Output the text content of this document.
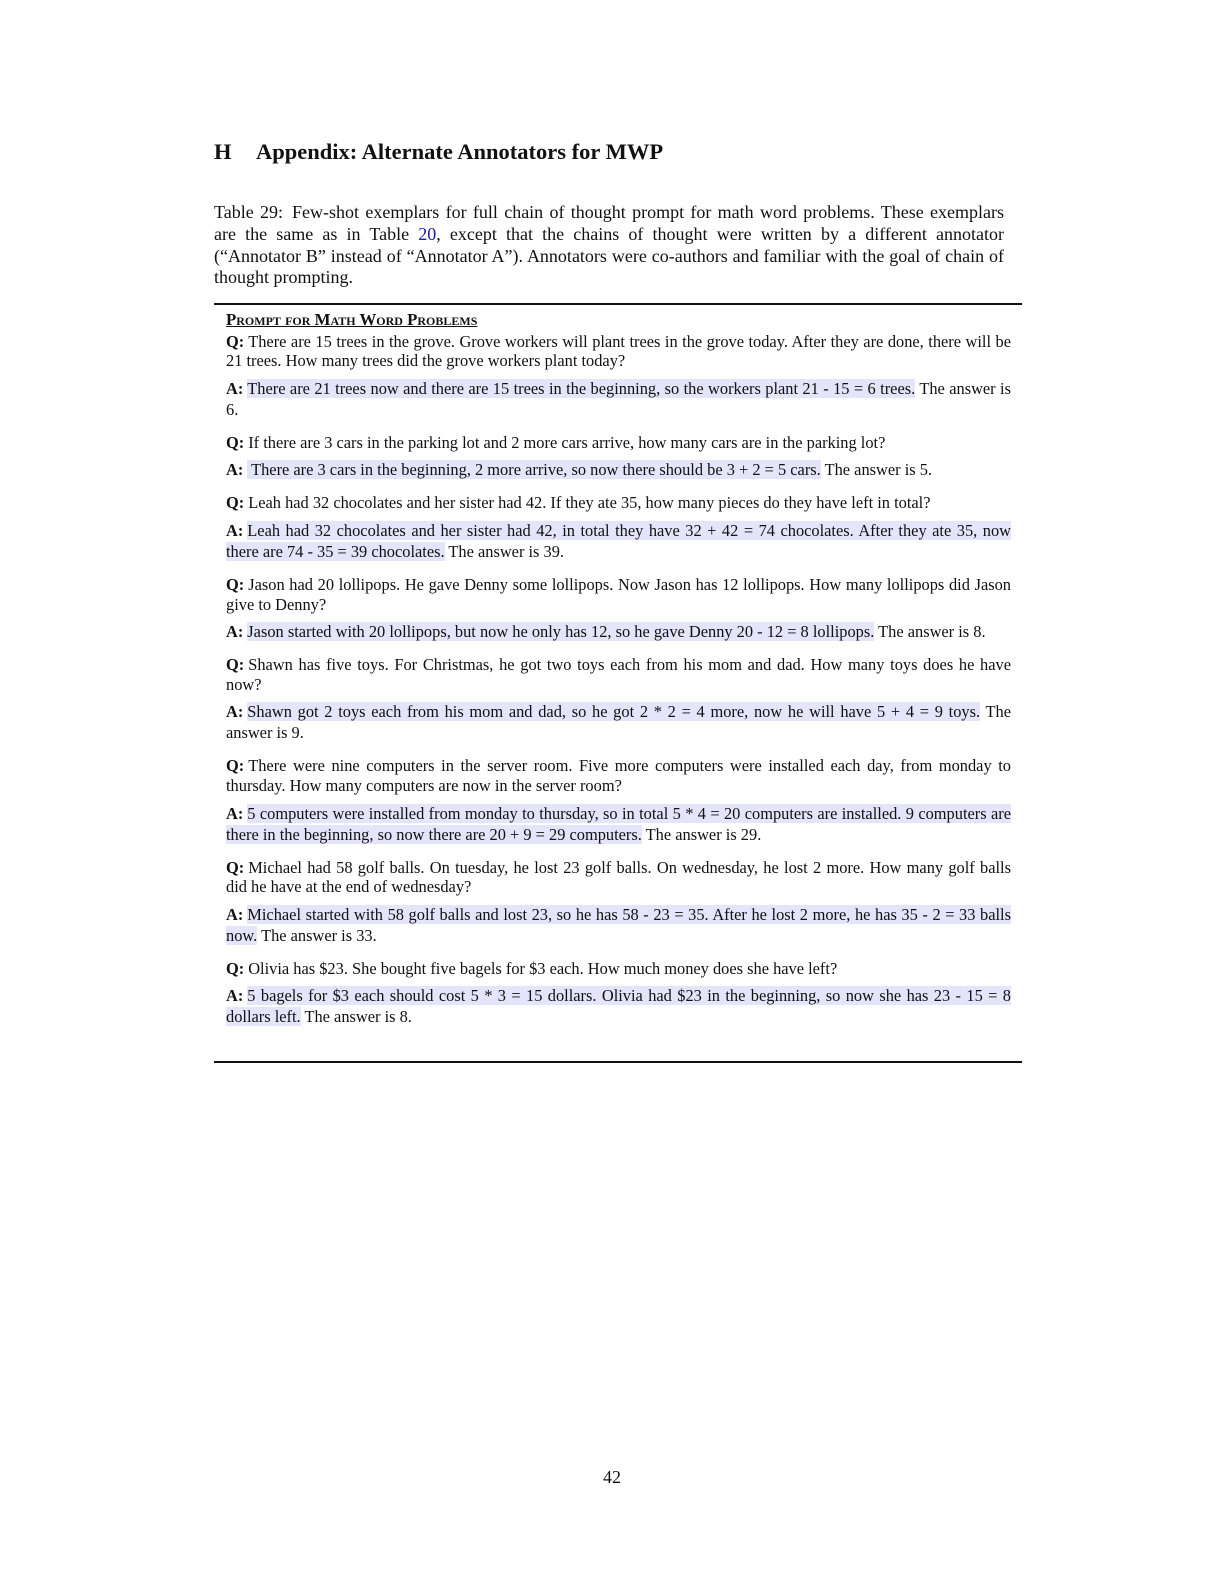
H Appendix: Alternate Annotators for MWP
Table 29: Few-shot exemplars for full chain of thought prompt for math word problems. These exemplars are the same as in Table 20, except that the chains of thought were written by a different annotator (“Annotator B” instead of “Annotator A”). Annotators were co-authors and familiar with the goal of chain of thought prompting.
Prompt for Math Word Problems

Q: There are 15 trees in the grove. Grove workers will plant trees in the grove today. After they are done, there will be 21 trees. How many trees did the grove workers plant today?

A: There are 21 trees now and there are 15 trees in the beginning, so the workers plant 21 - 15 = 6 trees. The answer is 6.

Q: If there are 3 cars in the parking lot and 2 more cars arrive, how many cars are in the parking lot?

A: There are 3 cars in the beginning, 2 more arrive, so now there should be 3 + 2 = 5 cars. The answer is 5.

Q: Leah had 32 chocolates and her sister had 42. If they ate 35, how many pieces do they have left in total?

A: Leah had 32 chocolates and her sister had 42, in total they have 32 + 42 = 74 chocolates. After they ate 35, now there are 74 - 35 = 39 chocolates. The answer is 39.

Q: Jason had 20 lollipops. He gave Denny some lollipops. Now Jason has 12 lollipops. How many lollipops did Jason give to Denny?

A: Jason started with 20 lollipops, but now he only has 12, so he gave Denny 20 - 12 = 8 lollipops. The answer is 8.

Q: Shawn has five toys. For Christmas, he got two toys each from his mom and dad. How many toys does he have now?

A: Shawn got 2 toys each from his mom and dad, so he got 2 * 2 = 4 more, now he will have 5 + 4 = 9 toys. The answer is 9.

Q: There were nine computers in the server room. Five more computers were installed each day, from monday to thursday. How many computers are now in the server room?

A: 5 computers were installed from monday to thursday, so in total 5 * 4 = 20 computers are installed. 9 computers are there in the beginning, so now there are 20 + 9 = 29 computers. The answer is 29.

Q: Michael had 58 golf balls. On tuesday, he lost 23 golf balls. On wednesday, he lost 2 more. How many golf balls did he have at the end of wednesday?

A: Michael started with 58 golf balls and lost 23, so he has 58 - 23 = 35. After he lost 2 more, he has 35 - 2 = 33 balls now. The answer is 33.

Q: Olivia has $23. She bought five bagels for $3 each. How much money does she have left?

A: 5 bagels for $3 each should cost 5 * 3 = 15 dollars. Olivia had $23 in the beginning, so now she has 23 - 15 = 8 dollars left. The answer is 8.

42
